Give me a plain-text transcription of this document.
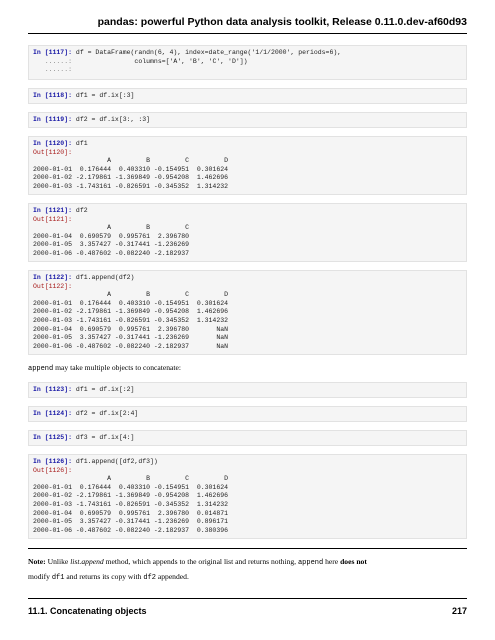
pandas: powerful Python data analysis toolkit, Release 0.11.0.dev-af60d93
In [1117]: df = DataFrame(randn(6, 4), index=date_range('1/1/2000', periods=6),
......:                columns=['A', 'B', 'C', 'D'])
......:
In [1118]: df1 = df.ix[:3]
In [1119]: df2 = df.ix[3:, :3]
In [1120]: df1
Out[1120]:
A         B         C         D
2000-01-01  0.176444  0.403310 -0.154951  0.301624
2000-01-02 -2.179861 -1.369849 -0.954208  1.462696
2000-01-03 -1.743161 -0.826591 -0.345352  1.314232
In [1121]: df2
Out[1121]:
A         B         C
2000-01-04  0.690579  0.995761  2.396780
2000-01-05  3.357427 -0.317441 -1.236269
2000-01-06 -0.487602 -0.082240 -2.182937
In [1122]: df1.append(df2)
Out[1122]:
A         B         C         D
2000-01-01  0.176444  0.403310 -0.154951  0.301624
2000-01-02 -2.179861 -1.369849 -0.954208  1.462696
2000-01-03 -1.743161 -0.826591 -0.345352  1.314232
2000-01-04  0.690579  0.995761  2.396780       NaN
2000-01-05  3.357427 -0.317441 -1.236269       NaN
2000-01-06 -0.487602 -0.082240 -2.182937       NaN
append may take multiple objects to concatenate:
In [1123]: df1 = df.ix[:2]
In [1124]: df2 = df.ix[2:4]
In [1125]: df3 = df.ix[4:]
In [1126]: df1.append([df2,df3])
Out[1126]:
A         B         C         D
2000-01-01  0.176444  0.403310 -0.154951  0.301624
2000-01-02 -2.179861 -1.369849 -0.954208  1.462696
2000-01-03 -1.743161 -0.826591 -0.345352  1.314232
2000-01-04  0.690579  0.995761  2.396780  0.014871
2000-01-05  3.357427 -0.317441 -1.236269  0.896171
2000-01-06 -0.487602 -0.082240 -2.182937  0.380396
Note: Unlike list.append method, which appends to the original list and returns nothing, append here does not
modify df1 and returns its copy with df2 appended.
11.1. Concatenating objects	217
